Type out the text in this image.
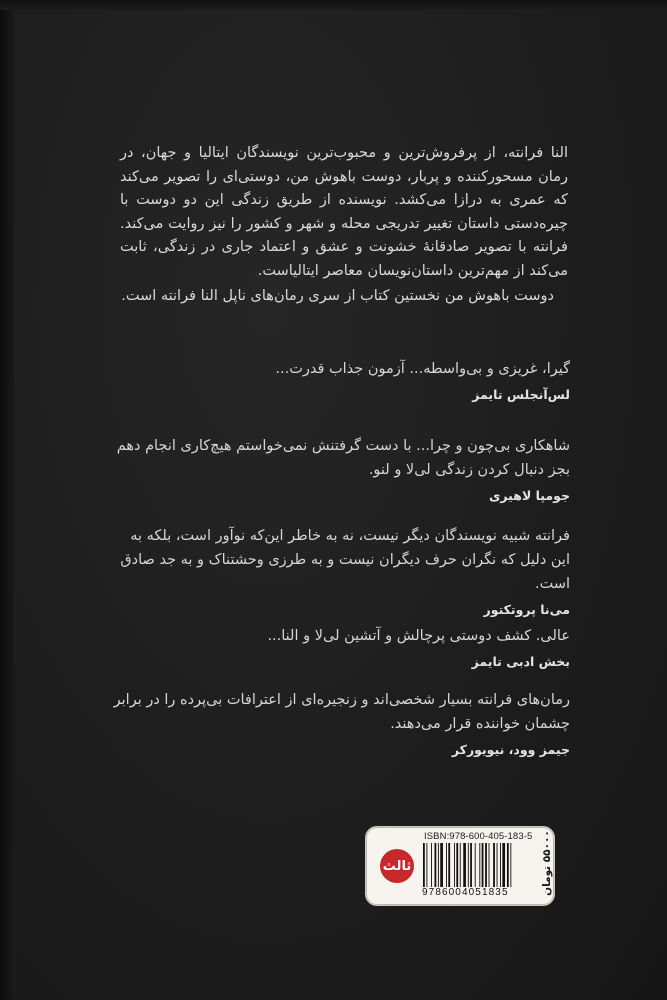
النا فرانته، از پرفروش‌ترین و محبوب‌ترین نویسندگان ایتالیا و جهان، در رمان مسحورکننده و پربار، دوست باهوش من، دوستی‌ای را تصویر می‌کند که عمری به درازا می‌کشد. نویسنده از طریق زندگی این دو دوست با چیره‌دستی داستان تغییر تدریجی محله و شهر و کشور را نیز روایت می‌کند. فرانته با تصویر صادقانهٔ خشونت و عشق و اعتماد جاری در زندگی، ثابت می‌کند از مهم‌ترین داستان‌نویسان معاصر ایتالیاست.

دوست باهوش من نخستین کتاب از سری رمان‌های ناپل النا فرانته است.

گیرا، غریزی و بی‌واسطه... آزمون جذاب قدرت...

لس‌آنجلس تایمز

شاهکاری بی‌چون و چرا... با دست گرفتنش نمی‌خواستم هیچ‌کاری انجام دهم بجز دنبال کردن زندگی لی‌لا و لنو.

جومپا لاهیری

فرانته شبیه نویسندگان دیگر نیست، نه به خاطر این‌که نوآور است، بلکه به این دلیل که نگران حرف دیگران نیست و به طرزی وحشتناک و به جد صادق است.

می‌نا پروتکتور

عالی. کشف دوستی پرچالش و آتشین لی‌لا و النا...

بخش ادبی تایمز

رمان‌های فرانته بسیار شخصی‌اند و زنجیره‌ای از اعترافات بی‌پرده را در برابر چشمان خواننده قرار می‌دهند.

جیمز وود، نیویورکر
ثالث
ISBN:978-600-405-183-5
9786004051835	۵۵۰۰۰ تومان
